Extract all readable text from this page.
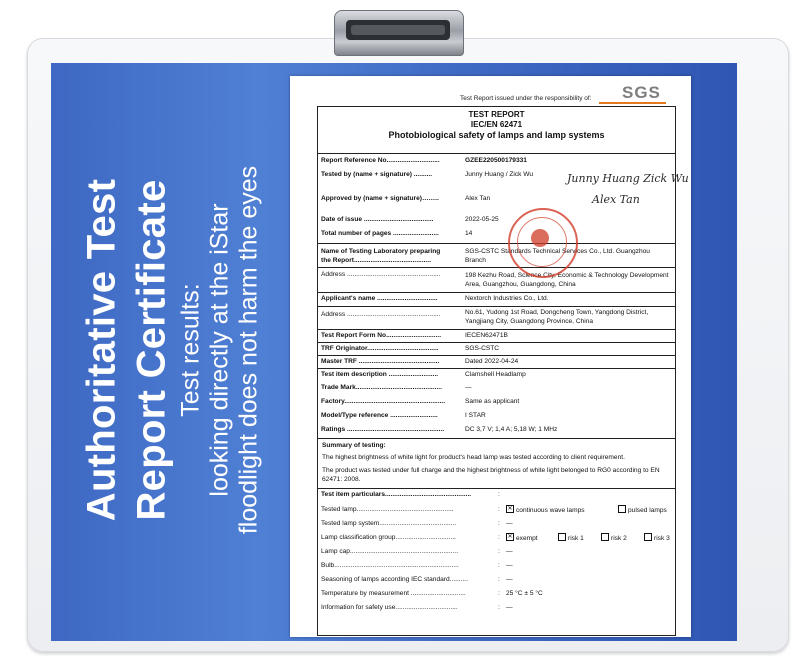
Authoritative Test Report Certificate Test results: looking directly at the iStar floodlight does not harm the eyes
Test Report issued under the responsibility of: SGS
TEST REPORT
IEC/EN 62471
Photobiological safety of lamps and lamp systems
Report Reference No.............................	GZEE220500179331
Tested by (name + signature) ..........	Junny Huang / Zick Wu
Approved by (name + signature)……..	Alex Tan
Date of issue ......................................	2022-05-25
Total number of pages .........................	14
Name of Testing Laboratory preparing the Report..........................................
SGS-CSTC Standards Technical Services Co., Ltd. Guangzhou Branch
Address ...................................................	198 Kezhu Road, Science City, Economic & Technology Development Area, Guangzhou, Guangdong, China
Applicant's name .................................	Nextorch Industries Co., Ltd.
Address ...................................................	No.61, Yudong 1st Road, Dongcheng Town, Yangdong District, Yangjiang City, Guangdong Province, China
Test Report Form No..............................	IECEN62471B
TRF Originator.......................................	SGS-CSTC
Master TRF ............................................	Dated 2022-04-24
Test item description ...........................	Clamshell Headlamp
Trade Mark...............................................	—
Factory.......................................................	Same as applicant
Model/Type reference ..........................	I STAR
Ratings .....................................................	DC 3,7 V; 1,4 A; 5,18 W; 1 MHz
Summary of testing:
The highest brightness of white light for product's head lamp was tested according to client requirement.
The product was tested under full charge and the highest brightness of white light belonged to RG0 according to EN 62471: 2008.
Test item particulars...............................................	:
Tested lamp.....................................................	: ✕ continuous wave lamps	pulsed lamps
Tested lamp system..........................................	: —
Lamp classification group.................................	: ✕ exempt	risk 1	risk 2	risk 3
Lamp cap...........................................................	: —
Bulb....................................................................	: —
Seasoning of lamps according IEC standard..........	: —
Temperature by measurement ..............................	: 25 °C ± 5 °C
Information for safety use..................................	: —
Junny Huang Zick Wu
Alex Tan
